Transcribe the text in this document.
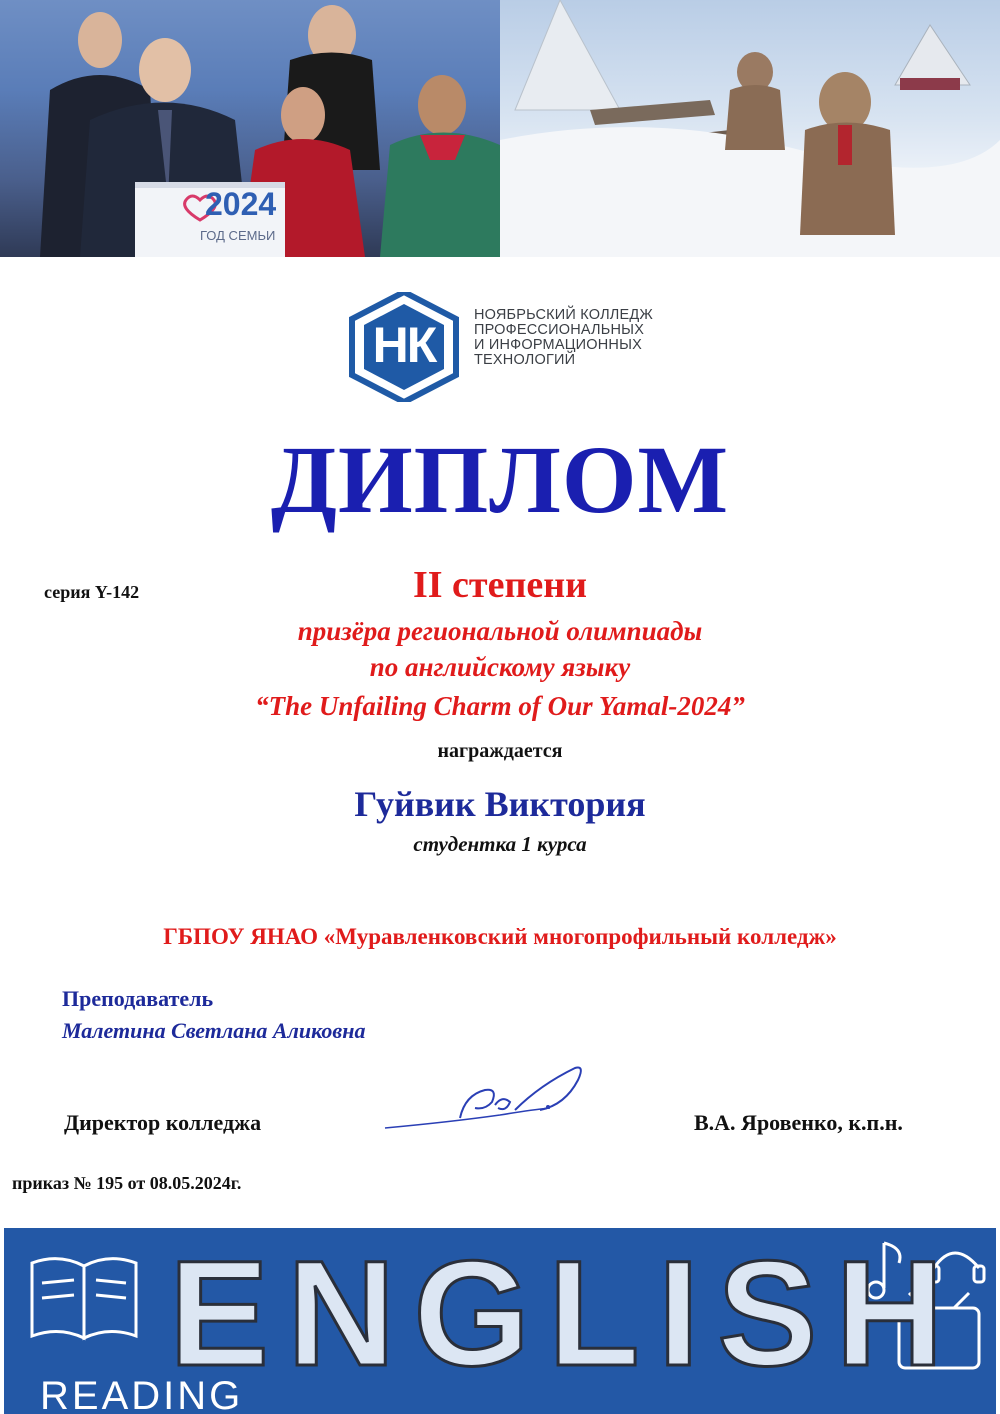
2024
ГОД СЕМЬИ
НК
НОЯБРЬСКИЙ КОЛЛЕДЖ
ПРОФЕССИОНАЛЬНЫХ
И ИНФОРМАЦИОННЫХ
ТЕХНОЛОГИЙ
ДИПЛОМ
серия Y-142	II степени
призёра региональной олимпиады
по английскому языку
“The Unfailing Charm of Our Yamal-2024”
награждается
Гуйвик Виктория
студентка 1 курса
ГБПОУ ЯНАО «Муравленковский многопрофильный колледж»
Преподаватель
Малетина Светлана Аликовна
Директор колледжа	В.А. Яровенко, к.п.н.
приказ № 195 от 08.05.2024г.
ENGLISH
READING
